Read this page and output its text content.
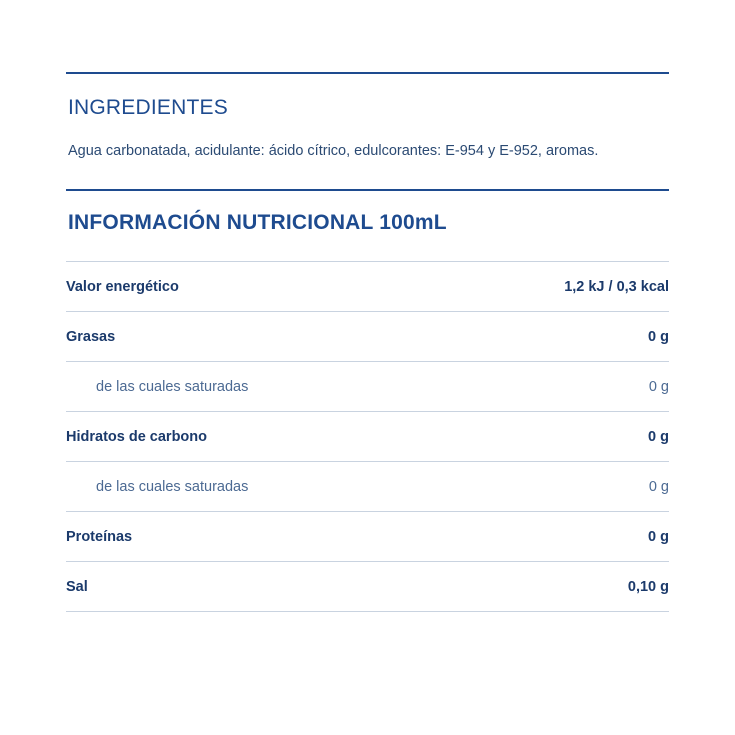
INGREDIENTES

Agua carbonatada, acidulante: ácido cítrico, edulcorantes: E-954 y E-952, aromas.

INFORMACIÓN NUTRICIONAL 100mL
Valor energético	1,2 kJ / 0,3 kcal
Grasas	0 g
de las cuales saturadas	0 g
Hidratos de carbono	0 g
de las cuales saturadas	0 g
Proteínas	0 g
Sal	0,10 g
